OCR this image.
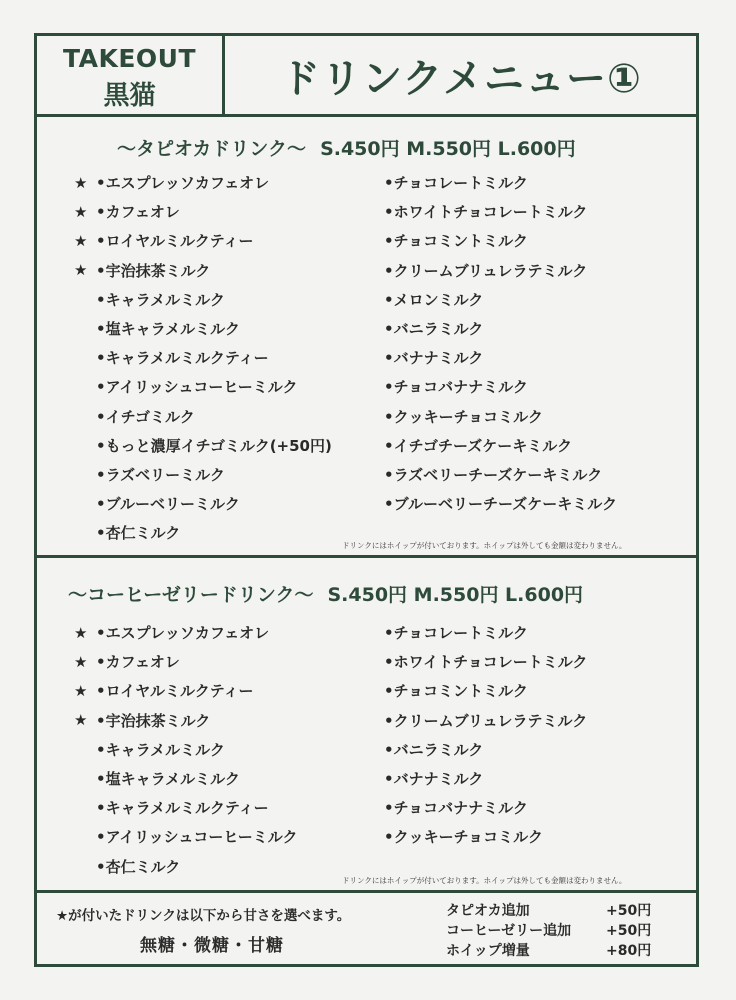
TAKEOUT
黒猫	ドリンクメニュー①
〜タピオカドリンク〜 S.450円 M.550円 L.600円
★ •エスプレッソカフェオレ
★ •カフェオレ
★ •ロイヤルミルクティー
★ •宇治抹茶ミルク
•キャラメルミルク
•塩キャラメルミルク
•キャラメルミルクティー
•アイリッシュコーヒーミルク
•イチゴミルク
•もっと濃厚イチゴミルク(+50円)
•ラズベリーミルク
•ブルーベリーミルク
•杏仁ミルク
•チョコレートミルク
•ホワイトチョコレートミルク
•チョコミントミルク
•クリームブリュレラテミルク
•メロンミルク
•バニラミルク
•バナナミルク
•チョコバナナミルク
•クッキーチョコミルク
•イチゴチーズケーキミルク
•ラズベリーチーズケーキミルク
•ブルーベリーチーズケーキミルク
ドリンクにはホイップが付いております。ホイップは外しても金額は変わりません。
〜コーヒーゼリードリンク〜 S.450円 M.550円 L.600円
★ •エスプレッソカフェオレ
★ •カフェオレ
★ •ロイヤルミルクティー
★ •宇治抹茶ミルク
•キャラメルミルク
•塩キャラメルミルク
•キャラメルミルクティー
•アイリッシュコーヒーミルク
•杏仁ミルク
•チョコレートミルク
•ホワイトチョコレートミルク
•チョコミントミルク
•クリームブリュレラテミルク
•バニラミルク
•バナナミルク
•チョコバナナミルク
•クッキーチョコミルク
ドリンクにはホイップが付いております。ホイップは外しても金額は変わりません。
★が付いたドリンクは以下から甘さを選べます。
無糖・微糖・甘糖
タピオカ追加	+50円
コーヒーゼリー追加	+50円
ホイップ増量	+80円
